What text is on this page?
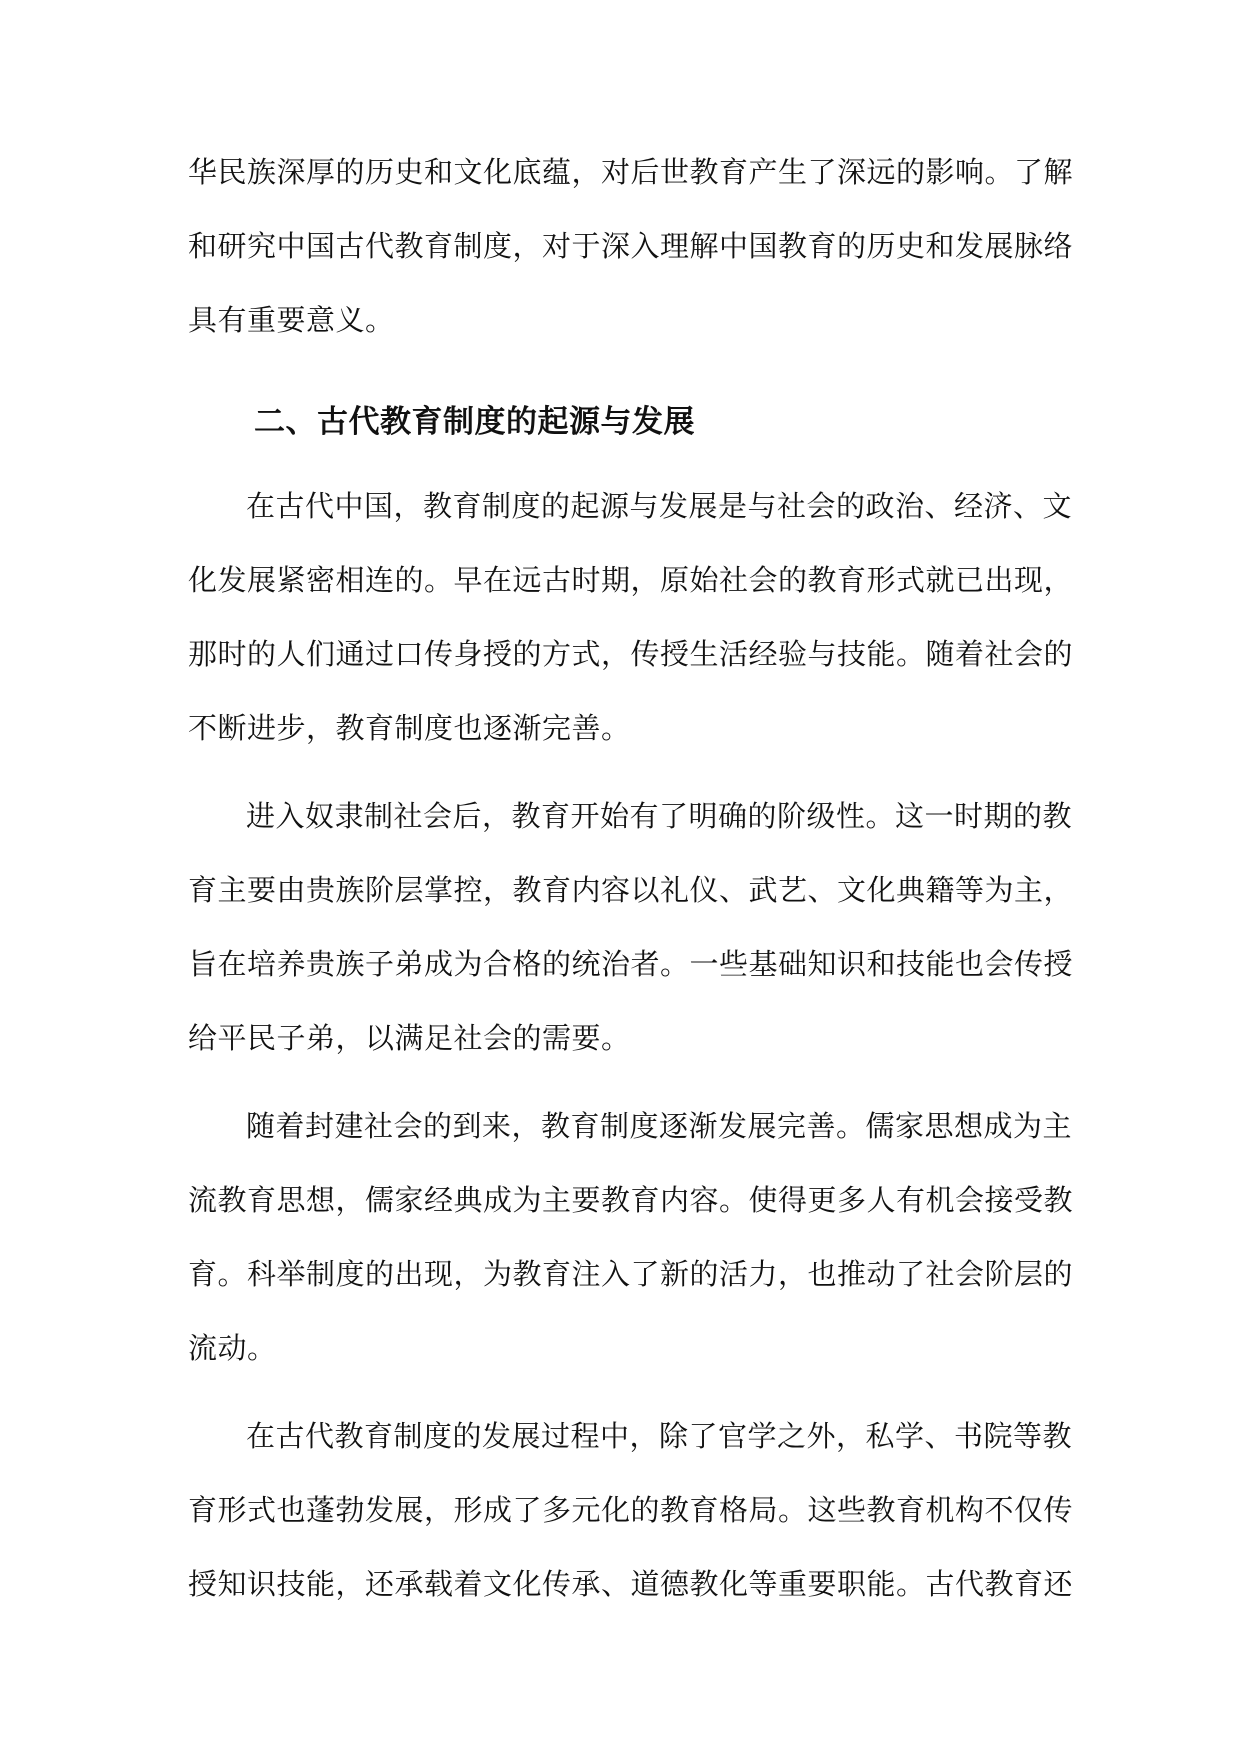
华民族深厚的历史和文化底蕴，对后世教育产生了深远的影响。了解
和研究中国古代教育制度，对于深入理解中国教育的历史和发展脉络
具有重要意义。
二、古代教育制度的起源与发展
在古代中国，教育制度的起源与发展是与社会的政治、经济、文
化发展紧密相连的。早在远古时期，原始社会的教育形式就已出现，
那时的人们通过口传身授的方式，传授生活经验与技能。随着社会的
不断进步，教育制度也逐渐完善。
进入奴隶制社会后，教育开始有了明确的阶级性。这一时期的教
育主要由贵族阶层掌控，教育内容以礼仪、武艺、文化典籍等为主，
旨在培养贵族子弟成为合格的统治者。一些基础知识和技能也会传授
给平民子弟，以满足社会的需要。
随着封建社会的到来，教育制度逐渐发展完善。儒家思想成为主
流教育思想，儒家经典成为主要教育内容。使得更多人有机会接受教
育。科举制度的出现，为教育注入了新的活力，也推动了社会阶层的
流动。
在古代教育制度的发展过程中，除了官学之外，私学、书院等教
育形式也蓬勃发展，形成了多元化的教育格局。这些教育机构不仅传
授知识技能，还承载着文化传承、道德教化等重要职能。古代教育还
